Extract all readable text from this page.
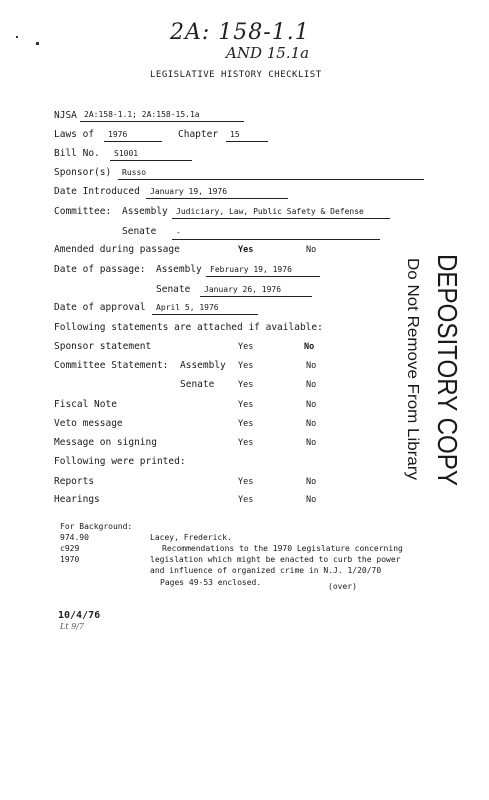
2A: 158-1.1
AND 15.1a
LEGISLATIVE HISTORY CHECKLIST
NJSA 2A:158-1.1; 2A:158-15.1a
Laws of	1976	Chapter	15
Bill No.	S1001
Sponsor(s)	Russo
Date Introduced	January 19, 1976
Committee: Assembly	Judiciary, Law, Public Safety & Defense
Senate	-
Amended during passage	Yes	No
Date of passage: Assembly	February 19, 1976
Senate	January 26, 1976
Date of approval	April 5, 1976
Following statements are attached if available:
Sponsor statement	Yes	No
Committee Statement: Assembly Yes	No
Senate	Yes	No
Fiscal Note	Yes	No
Veto message	Yes	No
Message on signing	Yes	No
Following were printed:
Reports	Yes	No
Hearings	Yes	No	DEPOSITORY COPY
Do Not Remove From Library
For Background:
974.90
c929
1970
Lacey, Frederick.
Recommendations to the 1970 Legislature concerning
legislation which might be enacted to curb the power
and influence of organized crime in N.J. 1/20/70
Pages 49-53 enclosed.	(over)
10/4/76
Lt 9/7
